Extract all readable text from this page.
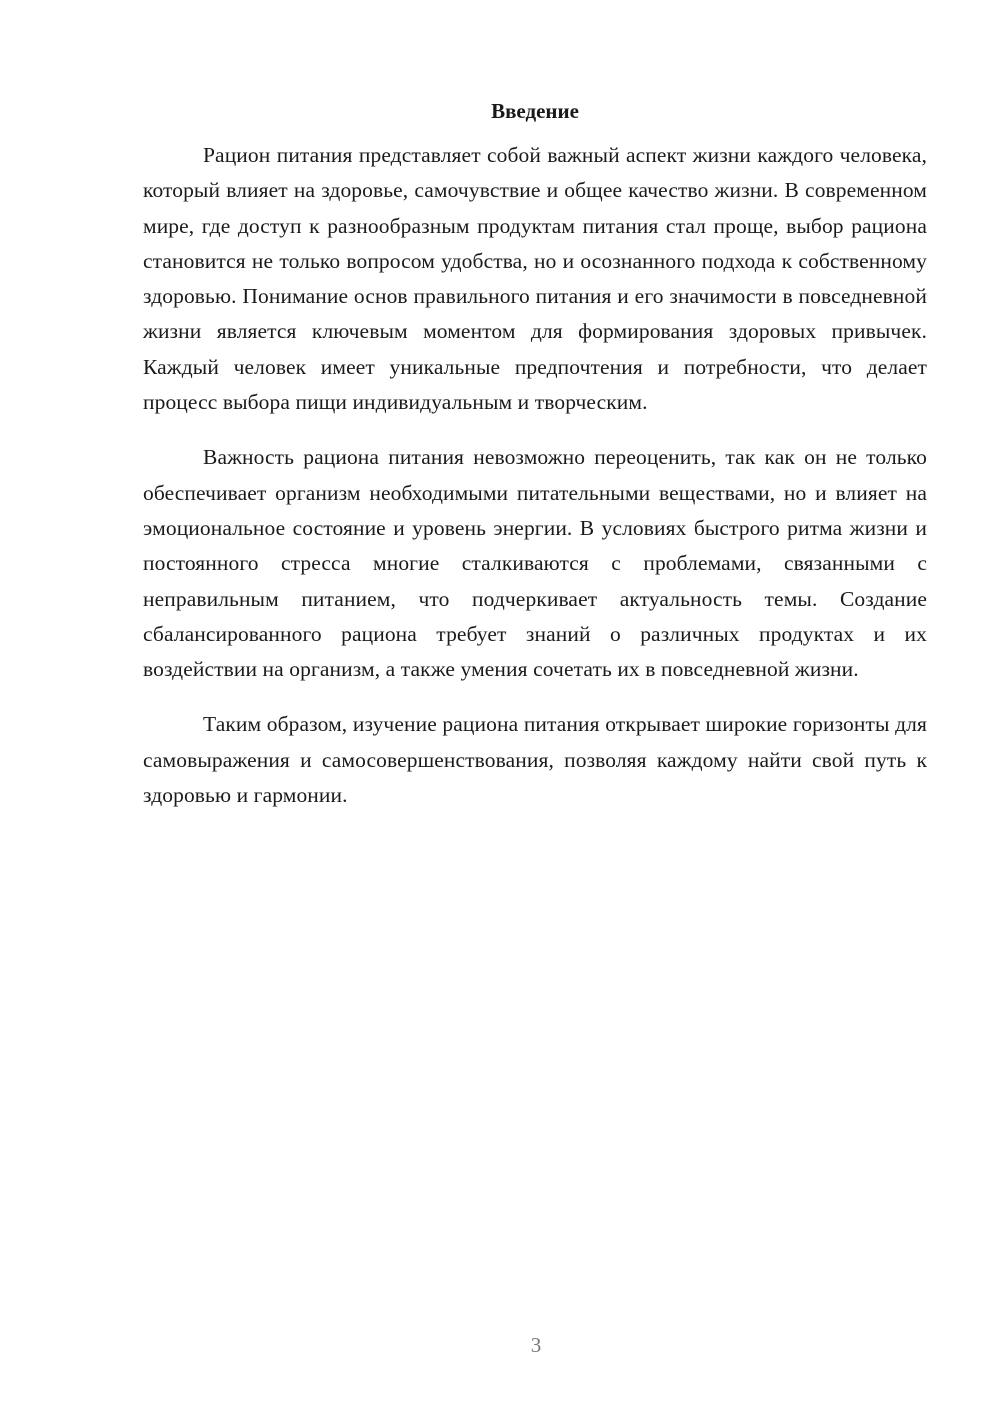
Введение

Рацион питания представляет собой важный аспект жизни каждого человека, который влияет на здоровье, самочувствие и общее качество жизни. В современном мире, где доступ к разнообразным продуктам питания стал проще, выбор рациона становится не только вопросом удобства, но и осознанного подхода к собственному здоровью. Понимание основ правильного питания и его значимости в повседневной жизни является ключевым моментом для формирования здоровых привычек. Каждый человек имеет уникальные предпочтения и потребности, что делает процесс выбора пищи индивидуальным и творческим.

Важность рациона питания невозможно переоценить, так как он не только обеспечивает организм необходимыми питательными веществами, но и влияет на эмоциональное состояние и уровень энергии. В условиях быстрого ритма жизни и постоянного стресса многие сталкиваются с проблемами, связанными с неправильным питанием, что подчеркивает актуальность темы. Создание сбалансированного рациона требует знаний о различных продуктах и их воздействии на организм, а также умения сочетать их в повседневной жизни.

Таким образом, изучение рациона питания открывает широкие горизонты для самовыражения и самосовершенствования, позволяя каждому найти свой путь к здоровью и гармонии.

3
